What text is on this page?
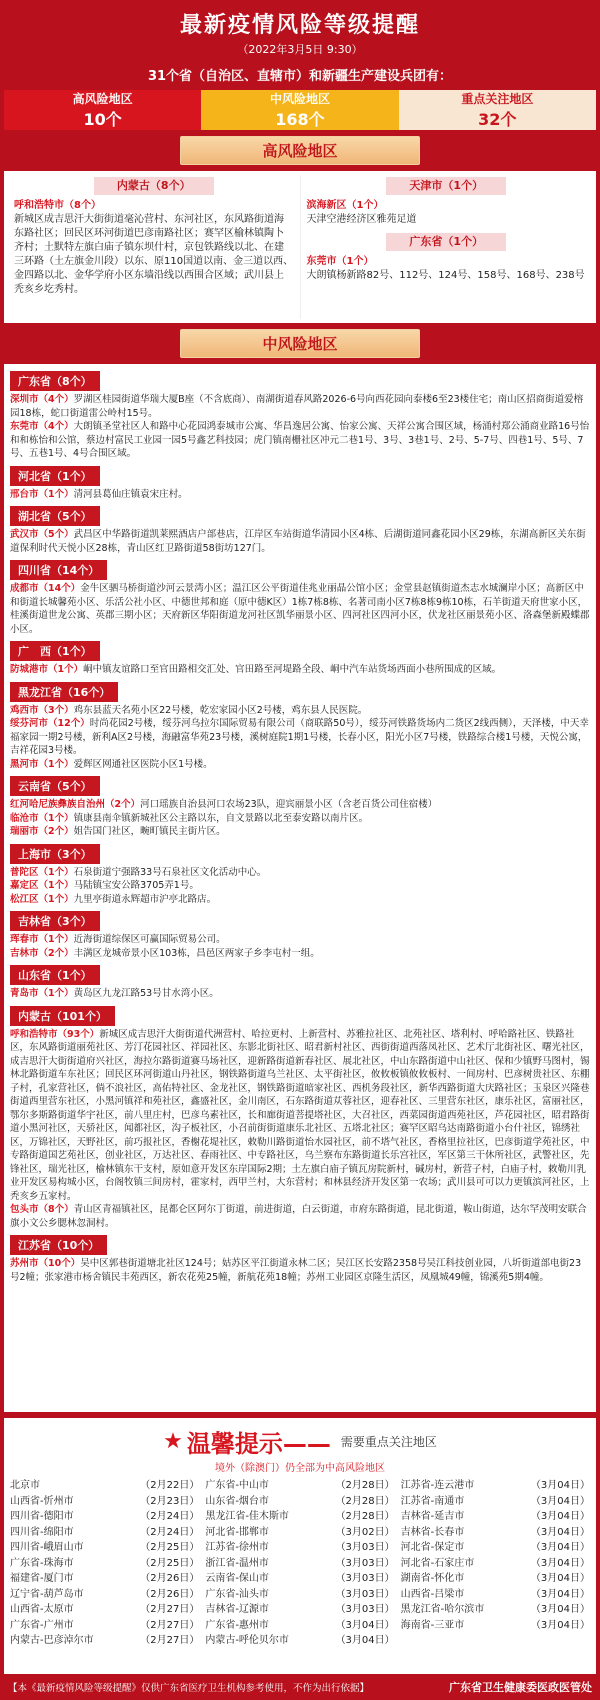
最新疫情风险等级提醒
（2022年3月5日 9:30）
31个省（自治区、直辖市）和新疆生产建设兵团有：
高风险地区
10个
中风险地区
168个
重点关注地区
32个
高风险地区
内蒙古（8个）
呼和浩特市（8个）
新城区成吉思汗大街街道毫沁营村、东河社区，东风路街道海东路社区；回民区环河街道巴彦南路社区；赛罕区榆林镇陶卜齐村；土默特左旗白庙子镇东坝什村，京包铁路线以北、在建三环路（土左旗金川段）以东、原110国道以南、金三道以西、金四路以北、金华学府小区东墙沿线以西围合区域；武川县上秃亥乡圪秀村。
天津市（1个）
滨海新区（1个）
天津空港经济区雅苑足道
广东省（1个）
东莞市（1个）
大朗镇杨新路82号、112号、124号、158号、168号、238号
中风险地区
广东省（8个）
深圳市（4个）罗湖区桂园街道华瑞大厦B座（不含底商）、南湖街道春风路2026-6号向西花园向泰楼6至23楼住宅；南山区招商街道爱榕园18栋，蛇口街道雷公岭村15号。
东莞市（4个）大朗镇圣堂社区人和路中心花园鸿泰城市公寓、华昌逸居公寓、怡家公寓、天祥公寓合围区域，杨涌村郑公涌商业路16号怡和和栋怡和公馆，蔡边村富民工业园一园5号鑫艺科技园；虎门镇南栅社区冲元二巷1号、3号、3巷1号、2号、5-7号、四巷1号、5号、7号、五巷1号、4号合围区域。
河北省（1个）
邢台市（1个）清河县葛仙庄镇袁宋庄村。
湖北省（5个）
武汉市（5个）武昌区中华路街道凯莱熙酒店户部巷店，江岸区车站街道华清园小区4栋、后湖街道同鑫花园小区29栋，东湖高新区关东街道保利时代天悦小区28栋，青山区红卫路街道58街坊127门。
四川省（14个）
成都市（14个）金牛区驷马桥街道沙河云景湾小区；温江区公平街道佳兆业丽晶公馆小区；金堂县赵镇街道杰志水城澜岸小区；高新区中和街道长城馨苑小区、乐活公社小区、中德世邦和庭（原中德K区）1栋7栋8栋、名著司南小区7栋8栋9栋10栋，石羊街道天府世家小区，桂溪街道世龙公寓、英郡三期小区；天府新区华阳街道龙河社区凯华丽景小区、四河社区四河小区，伏龙社区丽景苑小区、洛森堡新殿蝶郡小区。
广　西（1个）
防城港市（1个）峒中镇友谊路口至官田路相交汇处、官田路至河堤路全段、峒中汽车站货场西面小巷所围成的区域。
黑龙江省（16个）
鸡西市（3个）鸡东县蓝天名苑小区22号楼，乾宏家园小区2号楼，鸡东县人民医院。
绥芬河市（12个）时尚花园2号楼，绥芬河乌拉尔国际贸易有限公司（商联路50号），绥芬河铁路货场内二货区2线西侧），天泽楼，中天幸福家园一期2号楼，新利A区2号楼，海融富华苑23号楼，溪树庭院1期1号楼，长春小区，阳光小区7号楼，铁路综合楼1号楼，天悦公寓，吉祥花园3号楼。
黑河市（1个）爱辉区网通社区医院小区1号楼。
云南省（5个）
红河哈尼族彝族自治州（2个）河口瑶族自治县河口农场23队，迎宾丽景小区（含老百货公司住宿楼）
临沧市（1个）镇康县南伞镇新城社区公主路以东，自文景路以北至泰安路以南片区。
瑞丽市（2个）姐告国门社区，畹町镇民主街片区。
上海市（3个）
普陀区（1个）石泉街道宁强路33号石泉社区文化活动中心。
嘉定区（1个）马陆镇宝安公路3705弄1号。
松江区（1个）九里亭街道永辉超市沪亭北路店。
吉林省（3个）
珲春市（1个）近海街道综保区可赢国际贸易公司。
吉林市（2个）丰满区龙城帝景小区103栋，昌邑区两家子乡李屯村一组。
山东省（1个）
青岛市（1个）黄岛区九龙江路53号甘水湾小区。
内蒙古（101个）
呼和浩特市（93个）新城区成吉思汗大街街道代洲营村、哈拉更村、上新营村、苏雅拉社区、北苑社区、塔利村、呼哈路社区、铁路社区，东风路街道丽苑社区、芳汀花园社区、祥园社区、东影北街社区、昭君新村社区、西街街道西落凤社区、艺术厅北街社区、曙光社区，成吉思汗大街街道府兴社区，海拉尔路街道赛马场社区，迎新路街道新春社区、展北社区，中山东路街道中山社区、保和少镇野马图村，锡林北路街道车东社区；回民区环河街道山丹社区，钢铁路街道乌兰社区、太平街社区，攸攸板镇攸攸板村、一间房村、巴彦树贵社区、东棚子村，孔家营社区，倘不浪社区，高佑特社区、金龙社区，钢铁路街道暗家社区、西机务段社区，新华西路街道大庆路社区；玉泉区兴隆巷街道西里营东社区，小黑河镇祥和苑社区，鑫盛社区，金川南区，石东路街道苁蓉社区，迎春社区、三里营东社区，康乐社区，富丽社区，鄂尔多斯路街道华宇社区，前八里庄村，巴彦乌素社区，长和廊街道菩提塔社区，大召社区，西菜园街道西苑社区，芦花园社区，昭君路街道小黑河社区，天骄社区，闻都社区，沟子板社区，小召前街街道康乐北社区、五塔北社区；赛罕区昭乌达南路街道小台什社区，锦绣社区，万锦社区，天野社区，前巧报社区，香榭花堤社区，敕勒川路街道怡水园社区，前不塔气社区，香格里拉社区，巴彦街道学苑社区，中专路街道国艺苑社区，创业社区，万达社区、春雨社区、中专路社区，乌兰察布东路街道长乐宫社区，军区第三干休所社区，武警社区，先锋社区，瑞光社区，榆林镇东干支村，原如意开发区东岸国际2期；土左旗白庙子镇瓦房院新村，碱房村，新营子村，白庙子村，敕勒川乳业开发区易构城小区，台阁牧镇三间房村，霍家村，西甲兰村，大东营村；和林县经济开发区第一农场；武川县可可以力更镇滨河社区，上秃亥乡五家村。
包头市（8个）青山区青福镇社区，昆都仑区阿尔丁街道，前进街道，白云街道，市府东路街道，昆北街道，鞍山街道，达尔罕茂明安联合旗小文公乡腮林忽洞村。
江苏省（10个）
苏州市（10个）吴中区郭巷街道塘北社区124号；姑苏区平江街道永林二区；吴江区长安路2358号吴江科技创业园，八圻街道部电街23号2幢；张家港市杨舍镇民丰苑西区，新农花苑25幢，新航花苑18幢；苏州工业园区京隆生活区，凤凰城49幢，锦溪苑5期4幢。
★ 温馨提示—— 需要重点关注地区
境外（除澳门）仍全部为中高风险地区
北京市	（2月22日） 广东省-中山市	（2月28日） 江苏省-连云港市	（3月04日）
山西省-忻州市	（2月23日） 山东省-烟台市	（2月28日） 江苏省-南通市	（3月04日）
四川省-德阳市	（2月24日） 黑龙江省-佳木斯市	（2月28日） 吉林省-延吉市	（3月04日）
四川省-绵阳市	（2月24日） 河北省-邯郸市	（3月02日） 吉林省-长春市	（3月04日）
四川省-峨眉山市	（2月25日） 江苏省-徐州市	（3月03日） 河北省-保定市	（3月04日）
广东省-珠海市	（2月25日） 浙江省-温州市	（3月03日） 河北省-石家庄市	（3月04日）
福建省-厦门市	（2月26日） 云南省-保山市	（3月03日） 湖南省-怀化市	（3月04日）
辽宁省-葫芦岛市	（2月26日） 广东省-汕头市	（3月03日） 山西省-吕梁市	（3月04日）
山西省-太原市	（2月27日） 吉林省-辽源市	（3月03日） 黑龙江省-哈尔滨市	（3月04日）
广东省-广州市	（2月27日） 广东省-惠州市	（3月04日） 海南省-三亚市	（3月04日）
内蒙古-巴彦淖尔市	（2月27日） 内蒙古-呼伦贝尔市	（3月04日）
【本《最新疫情风险等级提醒》仅供广东省医疗卫生机构参考使用，不作为出行依据】	广东省卫生健康委医政医管处
